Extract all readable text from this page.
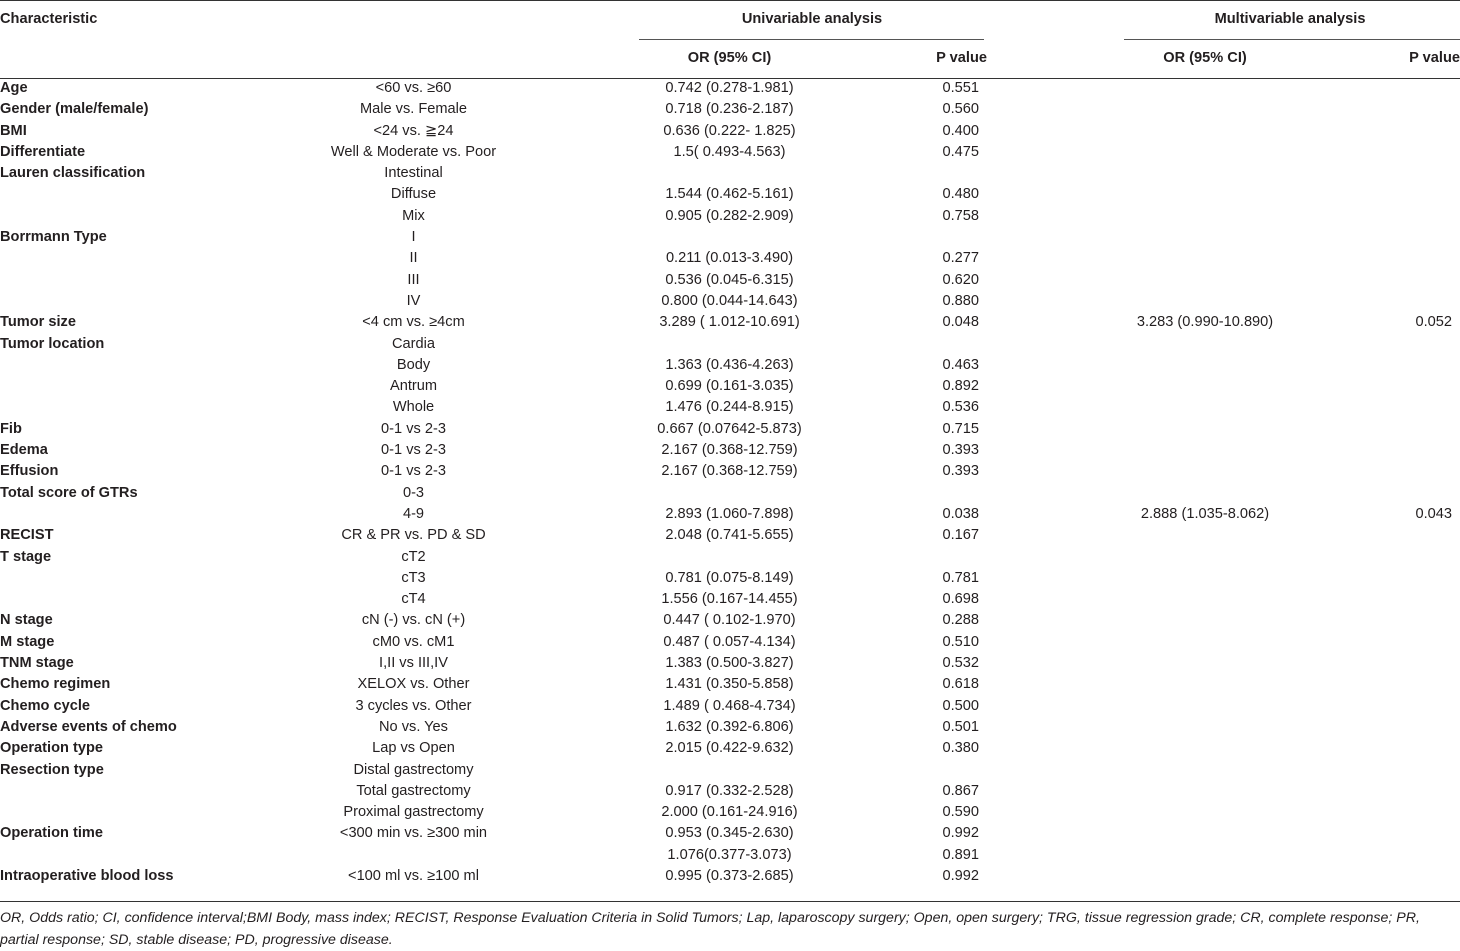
Characteristic		Univariable analysis			Multivariable analysis	
		OR (95% CI)	P value		OR (95% CI)	P value
Age	<60 vs. ≥60	0.742 (0.278-1.981)	0.551			
Gender (male/female)	Male vs. Female	0.718 (0.236-2.187)	0.560			
BMI	<24 vs. ≧24	0.636 (0.222- 1.825)	0.400			
Differentiate	Well & Moderate vs. Poor	1.5( 0.493-4.563)	0.475			
Lauren classification	Intestinal					
	Diffuse	1.544 (0.462-5.161)	0.480			
	Mix	0.905 (0.282-2.909)	0.758			
Borrmann Type	I					
	II	0.211 (0.013-3.490)	0.277			
	III	0.536 (0.045-6.315)	0.620			
	IV	0.800 (0.044-14.643)	0.880			
Tumor size	<4 cm vs. ≥4cm	3.289 ( 1.012-10.691)	0.048		3.283 (0.990-10.890)	0.052
Tumor location	Cardia					
	Body	1.363 (0.436-4.263)	0.463			
	Antrum	0.699 (0.161-3.035)	0.892			
	Whole	1.476 (0.244-8.915)	0.536			
Fib	0-1 vs 2-3	0.667 (0.07642-5.873)	0.715			
Edema	0-1 vs 2-3	2.167 (0.368-12.759)	0.393			
Effusion	0-1 vs 2-3	2.167 (0.368-12.759)	0.393			
Total score of GTRs	0-3					
	4-9	2.893 (1.060-7.898)	0.038		2.888 (1.035-8.062)	0.043
RECIST	CR & PR vs. PD & SD	2.048 (0.741-5.655)	0.167			
T stage	cT2					
	cT3	0.781 (0.075-8.149)	0.781			
	cT4	1.556 (0.167-14.455)	0.698			
N stage	cN (-) vs. cN (+)	0.447 ( 0.102-1.970)	0.288			
M stage	cM0 vs. cM1	0.487 ( 0.057-4.134)	0.510			
TNM stage	I,II vs III,IV	1.383 (0.500-3.827)	0.532			
Chemo regimen	XELOX vs. Other	1.431 (0.350-5.858)	0.618			
Chemo cycle	3 cycles vs. Other	1.489 ( 0.468-4.734)	0.500			
Adverse events of chemo	No vs. Yes	1.632 (0.392-6.806)	0.501			
Operation type	Lap vs Open	2.015 (0.422-9.632)	0.380			
Resection type	Distal gastrectomy					
	Total gastrectomy	0.917 (0.332-2.528)	0.867			
	Proximal gastrectomy	2.000 (0.161-24.916)	0.590			
Operation time	<300 min vs. ≥300 min	0.953 (0.345-2.630)	0.992			
		1.076(0.377-3.073)	0.891			
Intraoperative blood loss	<100 ml vs. ≥100 ml	0.995 (0.373-2.685)	0.992			
OR, Odds ratio; CI, confidence interval;BMI Body, mass index; RECIST, Response Evaluation Criteria in Solid Tumors; Lap, laparoscopy surgery; Open, open surgery; TRG, tissue regression grade; CR, complete response; PR, partial response; SD, stable disease; PD, progressive disease.
